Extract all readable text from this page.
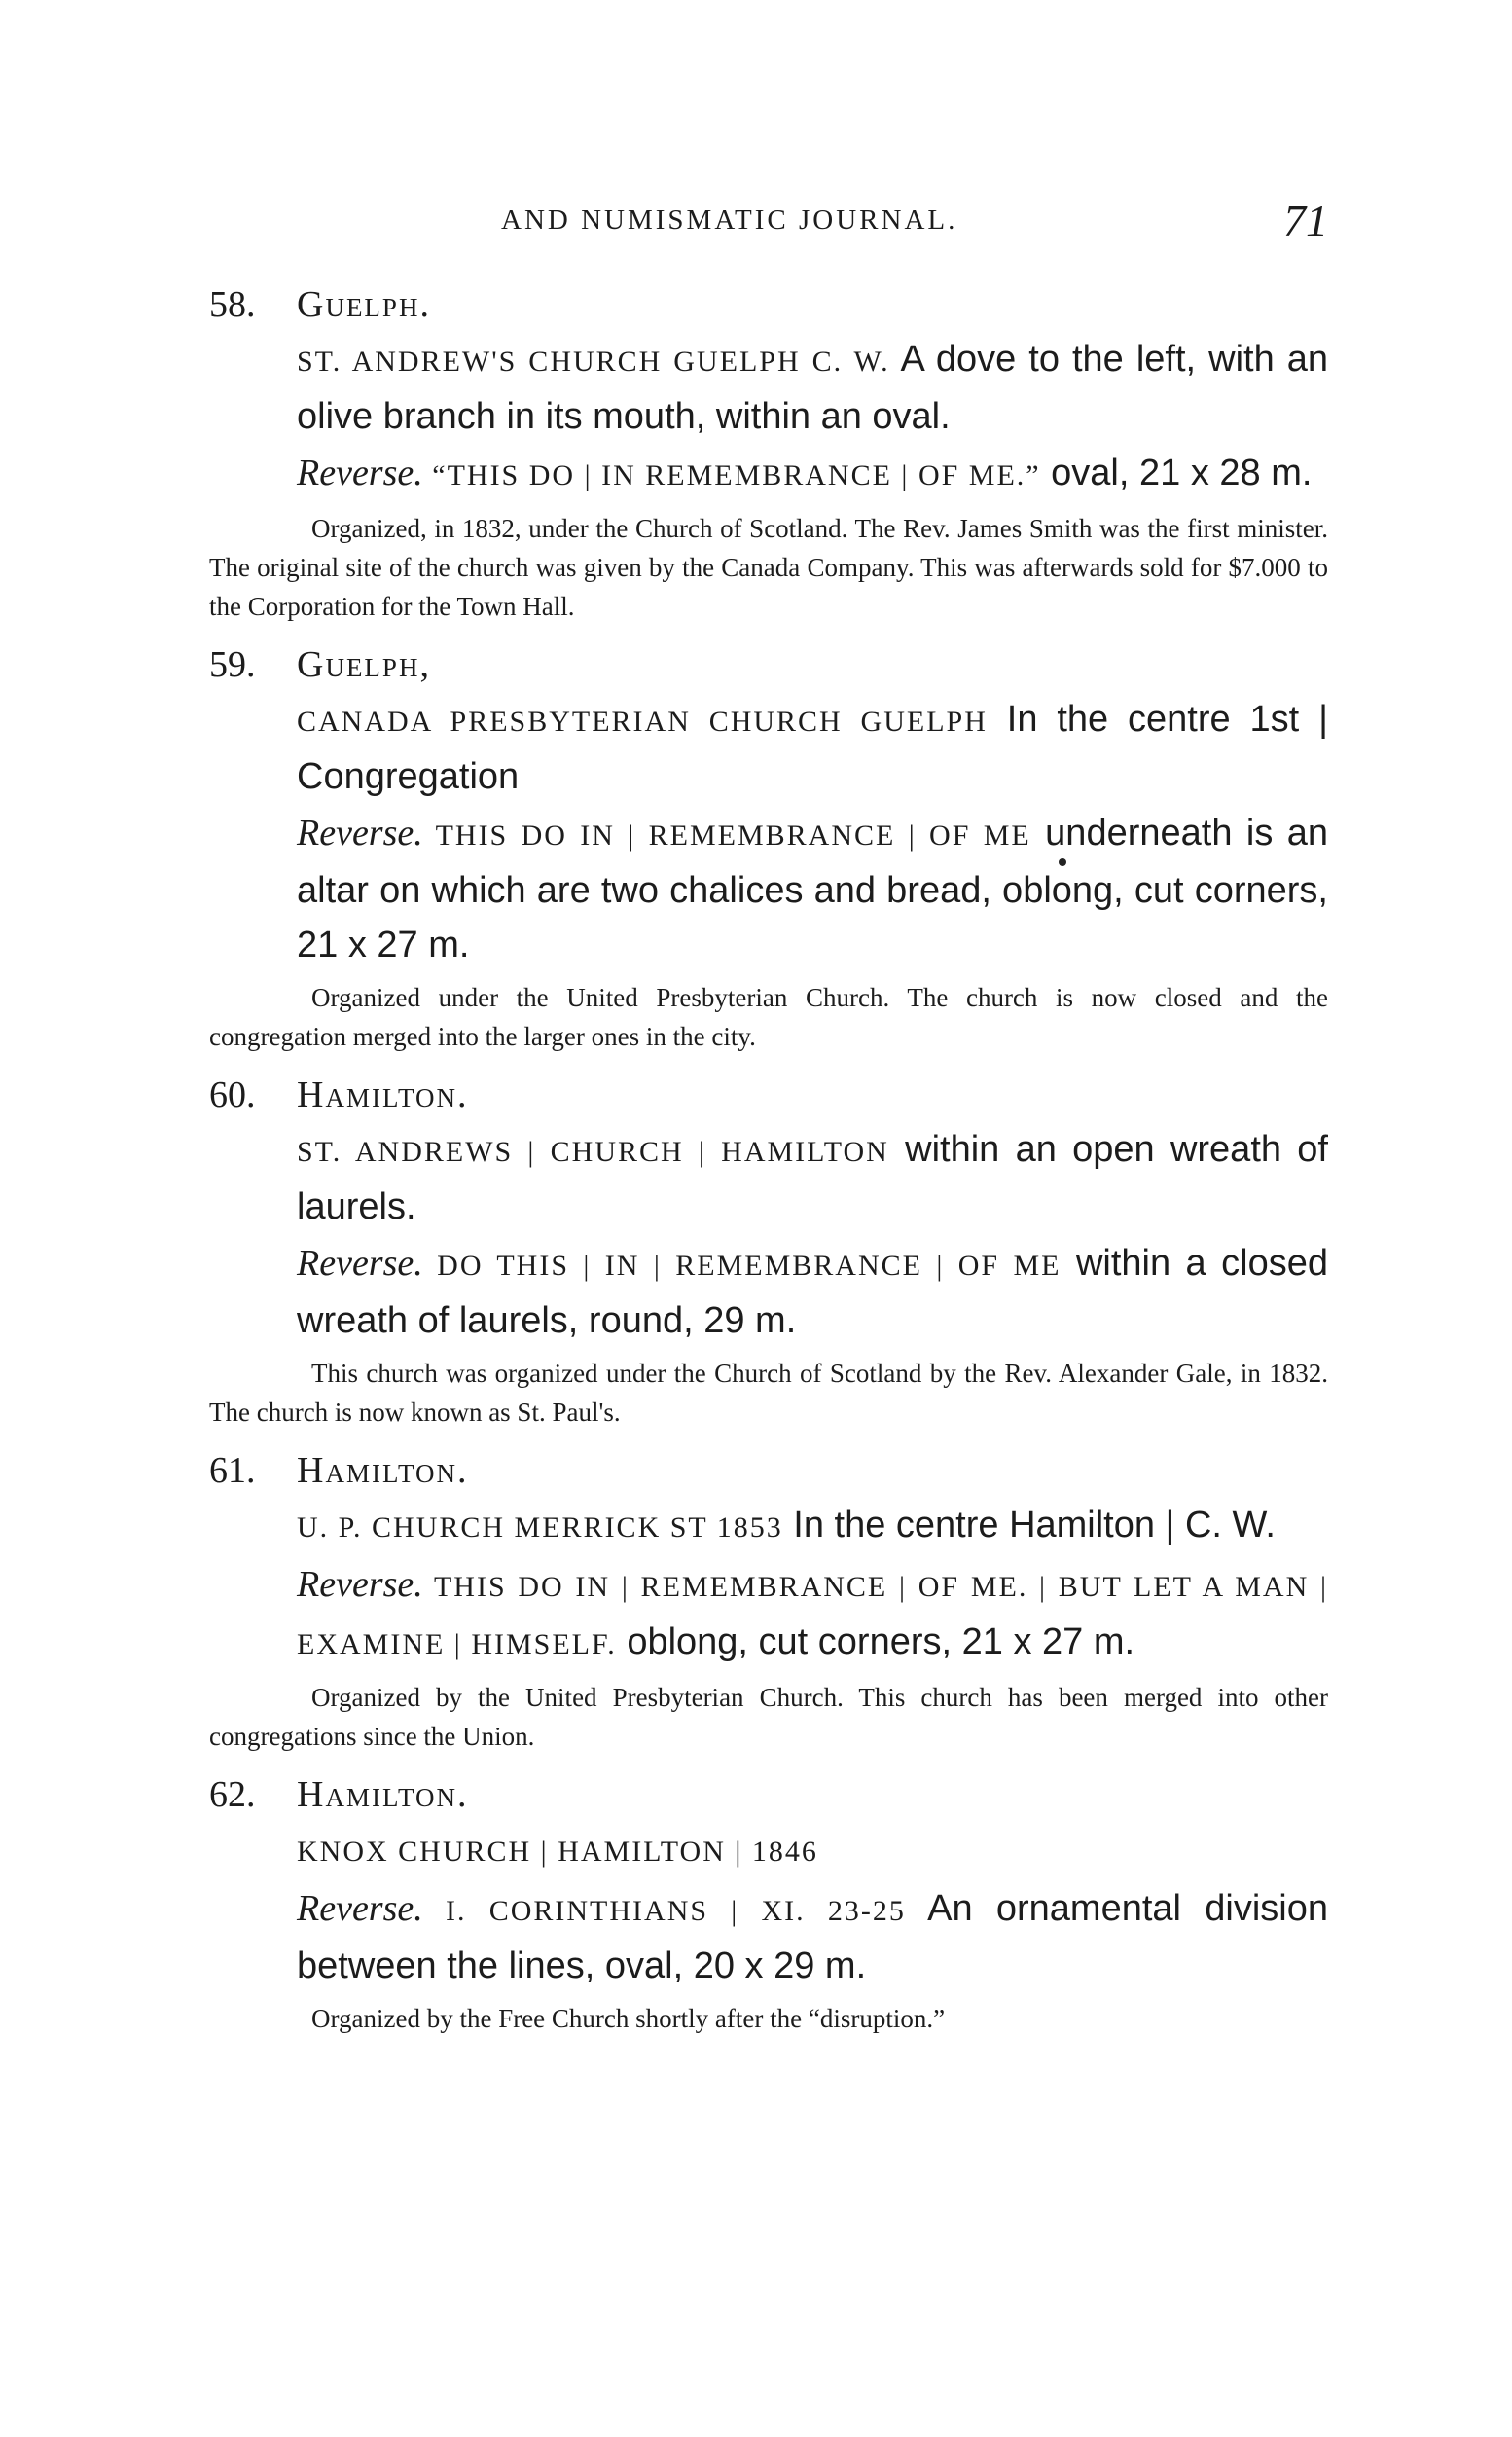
AND NUMISMATIC JOURNAL.	71
58.	Guelph.
ST. ANDREW'S CHURCH GUELPH C. W. A dove to the left, with an olive branch in its mouth, within an oval.
Reverse. “THIS DO | IN REMEMBRANCE | OF ME.” oval, 21 x 28 m.
Organized, in 1832, under the Church of Scotland. The Rev. James Smith was the first minister. The original site of the church was given by the Canada Company. This was afterwards sold for $7.000 to the Corporation for the Town Hall.
59.	Guelph,
CANADA PRESBYTERIAN CHURCH GUELPH In the centre 1st | Congregation
Reverse. THIS DO IN | REMEMBRANCE | OF ME underneath is an altar on which are two chalices and bread, oblong, cut corners, 21 x 27 m.
Organized under the United Presbyterian Church. The church is now closed and the congregation merged into the larger ones in the city.
60.	Hamilton.
ST. ANDREWS | CHURCH | HAMILTON within an open wreath of laurels.
Reverse. DO THIS | IN | REMEMBRANCE | OF ME within a closed wreath of laurels, round, 29 m.
This church was organized under the Church of Scotland by the Rev. Alexander Gale, in 1832. The church is now known as St. Paul's.
61.	Hamilton.
U. P. CHURCH MERRICK ST 1853 In the centre Hamilton | C. W.
Reverse. THIS DO IN | REMEMBRANCE | OF ME. | BUT LET A MAN | EXAMINE | HIMSELF. oblong, cut corners, 21 x 27 m.
Organized by the United Presbyterian Church. This church has been merged into other congregations since the Union.
62.	Hamilton.
KNOX CHURCH | HAMILTON | 1846
Reverse. I. CORINTHIANS | XI. 23-25 An ornamental division between the lines, oval, 20 x 29 m.
Organized by the Free Church shortly after the “disruption.”
